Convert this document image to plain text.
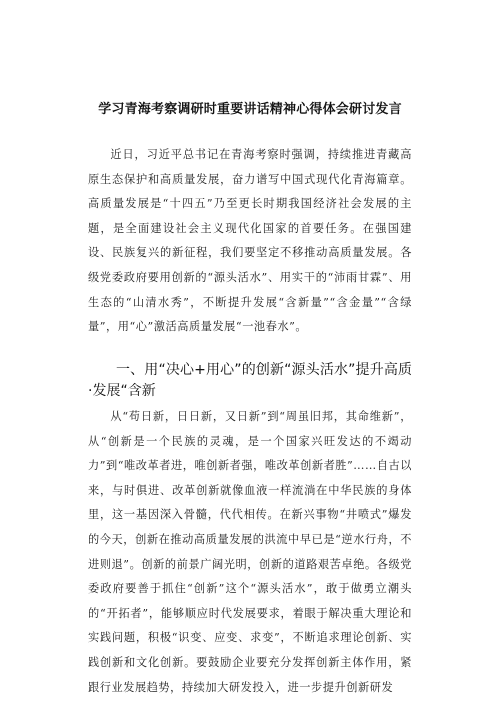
学习青海考察调研时重要讲话精神心得体会研讨发言

近日，习近平总书记在青海考察时强调，持续推进青藏高原生态保护和高质量发展，奋力谱写中国式现代化青海篇章。高质量发展是“十四五”乃至更长时期我国经济社会发展的主题，是全面建设社会主义现代化国家的首要任务。在强国建设、民族复兴的新征程，我们要坚定不移推动高质量发展。各级党委政府要用创新的“源头活水”、用实干的“沛雨甘霖”、用生态的“山清水秀”，不断提升发展“含新量”“含金量”“含绿量”，用“心”激活高质量发展“一池春水”。

一、用“决心+用心”的创新“源头活水”提升高质·发展“含新

从“苟日新，日日新，又日新”到“周虽旧邦，其命维新”，从“创新是一个民族的灵魂，是一个国家兴旺发达的不竭动力”到“唯改革者进，唯创新者强，唯改革创新者胜”……自古以来，与时俱进、改革创新就像血液一样流淌在中华民族的身体里，这一基因深入骨髓，代代相传。在新兴事物“井喷式”爆发的今天，创新在推动高质量发展的洪流中早已是“逆水行舟，不进则退”。创新的前景广阔光明，创新的道路艰苦卓绝。各级党委政府要善于抓住“创新”这个“源头活水”，敢于做勇立潮头的“开拓者”，能够顺应时代发展要求，着眼于解决重大理论和实践问题，积极“识变、应变、求变”，不断追求理论创新、实践创新和文化创新。要鼓励企业要充分发挥创新主体作用，紧跟行业发展趋势，持续加大研发投入，进一步提升创新研发
